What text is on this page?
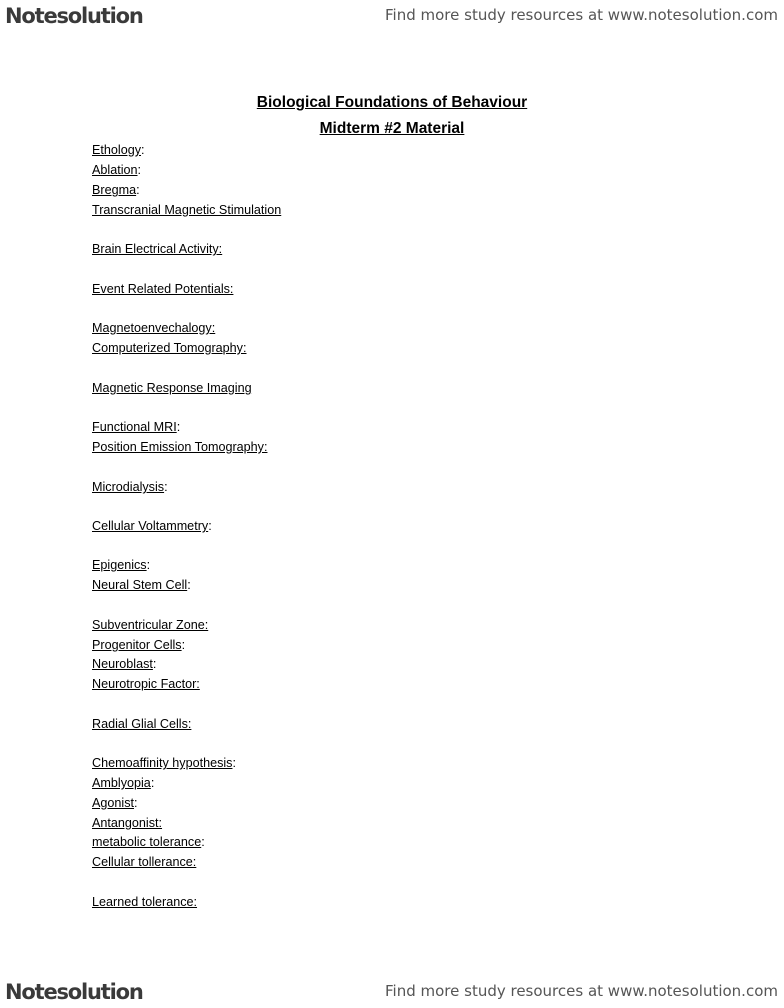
Notesolution	Find more study resources at www.notesolution.com
Biological Foundations of Behaviour
Midterm #2 Material
Ethology:
Ablation:
Bregma:
Transcranial Magnetic Stimulation
Brain Electrical Activity:
Event Related Potentials:
Magnetoenvechalogy:
Computerized Tomography:
Magnetic Response Imaging
Functional MRI:
Position Emission Tomography:
Microdialysis:
Cellular Voltammetry:
Epigenics:
Neural Stem Cell:
Subventricular Zone:
Progenitor Cells:
Neuroblast:
Neurotropic Factor:
Radial Glial Cells:
Chemoaffinity hypothesis:
Amblyopia:
Agonist:
Antangonist:
metabolic tolerance:
Cellular tollerance:
Learned tolerance:
Notesolution	Find more study resources at www.notesolution.com
